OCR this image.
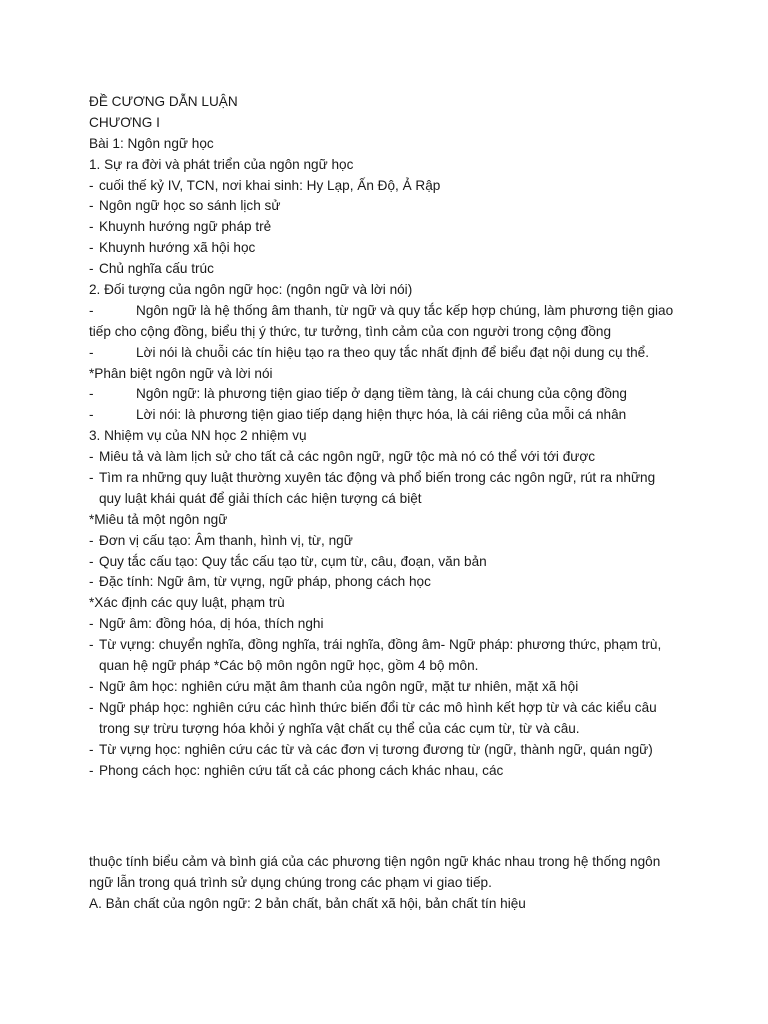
ĐỀ CƯƠNG DẪN LUẬN
CHƯƠNG I
Bài 1: Ngôn ngữ học
1. Sự ra đời và phát triển của ngôn ngữ học
- cuối thế kỷ IV, TCN, nơi khai sinh: Hy Lạp, Ấn Độ, Ả Rập
- Ngôn ngữ học so sánh lịch sử
- Khuynh hướng ngữ pháp trẻ
- Khuynh hướng xã hội học
- Chủ nghĩa cấu trúc
2. Đối tượng của ngôn ngữ học: (ngôn ngữ và lời nói)
-	Ngôn ngữ là hệ thống âm thanh, từ ngữ và quy tắc kếp hợp chúng, làm phương tiện giao
tiếp cho cộng đồng, biểu thị ý thức, tư tưởng, tình cảm của con người trong cộng đồng
-	Lời nói là chuỗi các tín hiệu tạo ra theo quy tắc nhất định để biểu đạt nội dung cụ thể.
*Phân biệt ngôn ngữ và lời nói
-	Ngôn ngữ: là phương tiện giao tiếp ở dạng tiềm tàng, là cái chung của cộng đồng
-	Lời nói: là phương tiện giao tiếp dạng hiện thực hóa, là cái riêng của mỗi cá nhân
3. Nhiệm vụ của NN học 2 nhiệm vụ
- Miêu tả và làm lịch sử cho tất cả các ngôn ngữ, ngữ tộc mà nó có thể với tới được
- Tìm ra những quy luật thường xuyên tác động và phổ biến trong các ngôn ngữ, rút ra những
quy luật khái quát để giải thích các hiện tượng cá biệt
*Miêu tả một ngôn ngữ
- Đơn vị cấu tạo: Âm thanh, hình vị, từ, ngữ
- Quy tắc cấu tạo: Quy tắc cấu tạo từ, cụm từ, câu, đoạn, văn bản
- Đặc tính: Ngữ âm, từ vựng, ngữ pháp, phong cách học
*Xác định các quy luật, phạm trù
- Ngữ âm: đồng hóa, dị hóa, thích nghi
- Từ vựng: chuyển nghĩa, đồng nghĩa, trái nghĩa, đồng âm- Ngữ pháp: phương thức, phạm trù,
quan hệ ngữ pháp *Các bộ môn ngôn ngữ học, gồm 4 bộ môn.
- Ngữ âm học: nghiên cứu mặt âm thanh của ngôn ngữ, mặt tư nhiên, mặt xã hội
- Ngữ pháp học: nghiên cứu các hình thức biến đổi từ các mô hình kết hợp từ và các kiểu câu
trong sự trừu tượng hóa khỏi ý nghĩa vật chất cụ thể của các cụm từ, từ và câu.
- Từ vựng học: nghiên cứu các từ và các đơn vị tương đương từ (ngữ, thành ngữ, quán ngữ)
- Phong cách học: nghiên cứu tất cả các phong cách khác nhau, các
thuộc tính biểu cảm và bình giá của các phương tiện ngôn ngữ khác nhau trong hệ thống ngôn
ngữ lẫn trong quá trình sử dụng chúng trong các phạm vi giao tiếp.
A. Bản chất của ngôn ngữ: 2 bản chất, bản chất xã hội, bản chất tín hiệu
